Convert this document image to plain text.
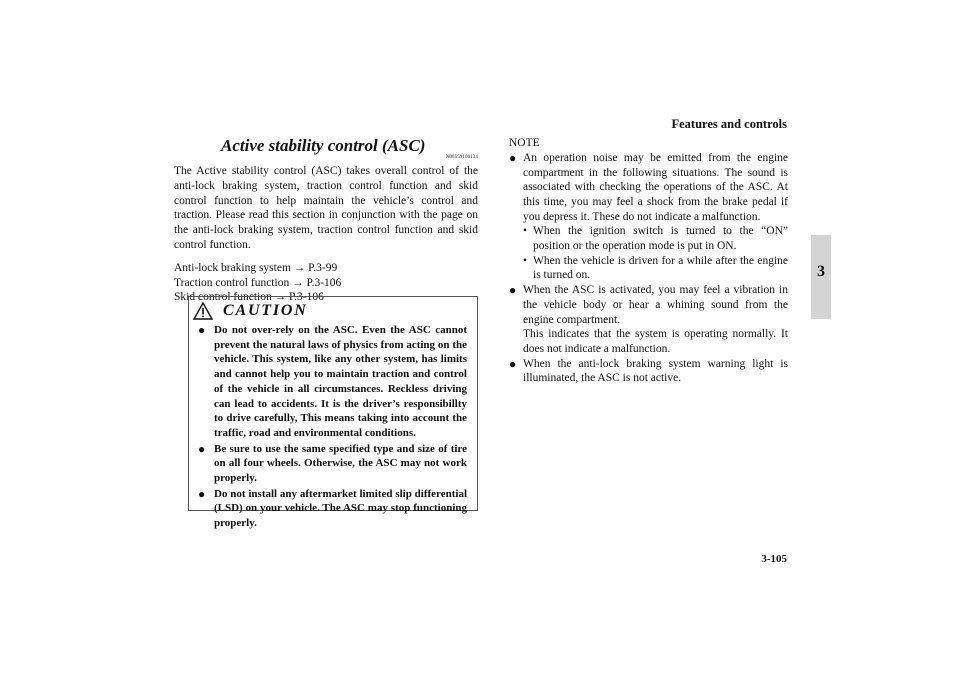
Features and controls
3
3-105
Active stability control (ASC)
N00559100134

The Active stability control (ASC) takes overall control of the anti-lock braking system, traction control function and skid control function to help maintain the vehicle’s control and traction. Please read this section in conjunction with the page on the anti-lock braking system, traction control function and skid control function.

Anti-lock braking system → P.3-99
Traction control function → P.3-106
Skid control function → P.3-106
CAUTION
● Do not over-rely on the ASC. Even the ASC cannot prevent the natural laws of physics from acting on the vehicle. This system, like any other system, has limits and cannot help you to maintain traction and control of the vehicle in all circumstances. Reckless driving can lead to accidents. It is the driver’s responsibillty to drive carefully, This means taking into account the traffic, road and environmental conditions.
● Be sure to use the same specified type and size of tire on all four wheels. Otherwise, the ASC may not work properly.
● Do not install any aftermarket limited slip differential (LSD) on your vehicle. The ASC may stop functioning properly.
NOTE
● An operation noise may be emitted from the engine compartment in the following situations. The sound is associated with checking the operations of the ASC. At this time, you may feel a shock from the brake pedal if you depress it. These do not indicate a malfunction.
• When the ignition switch is turned to the “ON” position or the operation mode is put in ON.
• When the vehicle is driven for a while after the engine is turned on.
● When the ASC is activated, you may feel a vibration in the vehicle body or hear a whining sound from the engine compartment.
This indicates that the system is operating normally. It does not indicate a malfunction.
● When the anti-lock braking system warning light is illuminated, the ASC is not active.
